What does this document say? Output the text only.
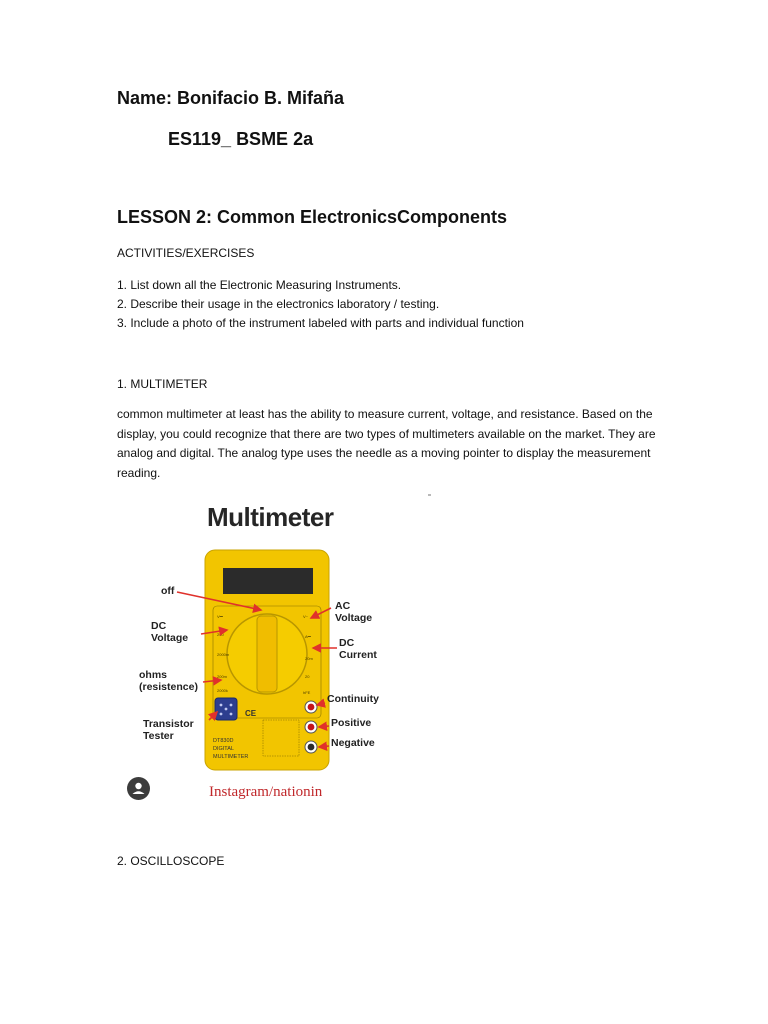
Name: Bonifacio B. Mifaña
ES119_ BSME 2a
LESSON 2: Common ElectronicsComponents
ACTIVITIES/EXERCISES
1. List down all the Electronic Measuring Instruments.
2. Describe their usage in the electronics laboratory / testing.
3. Include a photo of the instrument labeled with parts and individual function
1. MULTIMETER
common multimeter at least has the ability to measure current, voltage, and resistance. Based on the display, you could recognize that there are two types of multimeters available on the market. They are analog and digital. The analog type uses the needle as a moving pointer to display the measurement reading.
V⎓
200
2000m
200m
2000k
V~
A⎓
20m
20
hFE
CE
DT830D
DIGITAL
MULTIMETER
Multimeter
off
DC
Voltage
ohms
(resistence)
Transistor
Tester
AC
Voltage
DC
Current
Continuity
Positive
Negative
Instagram/nationin
2. OSCILLOSCOPE
